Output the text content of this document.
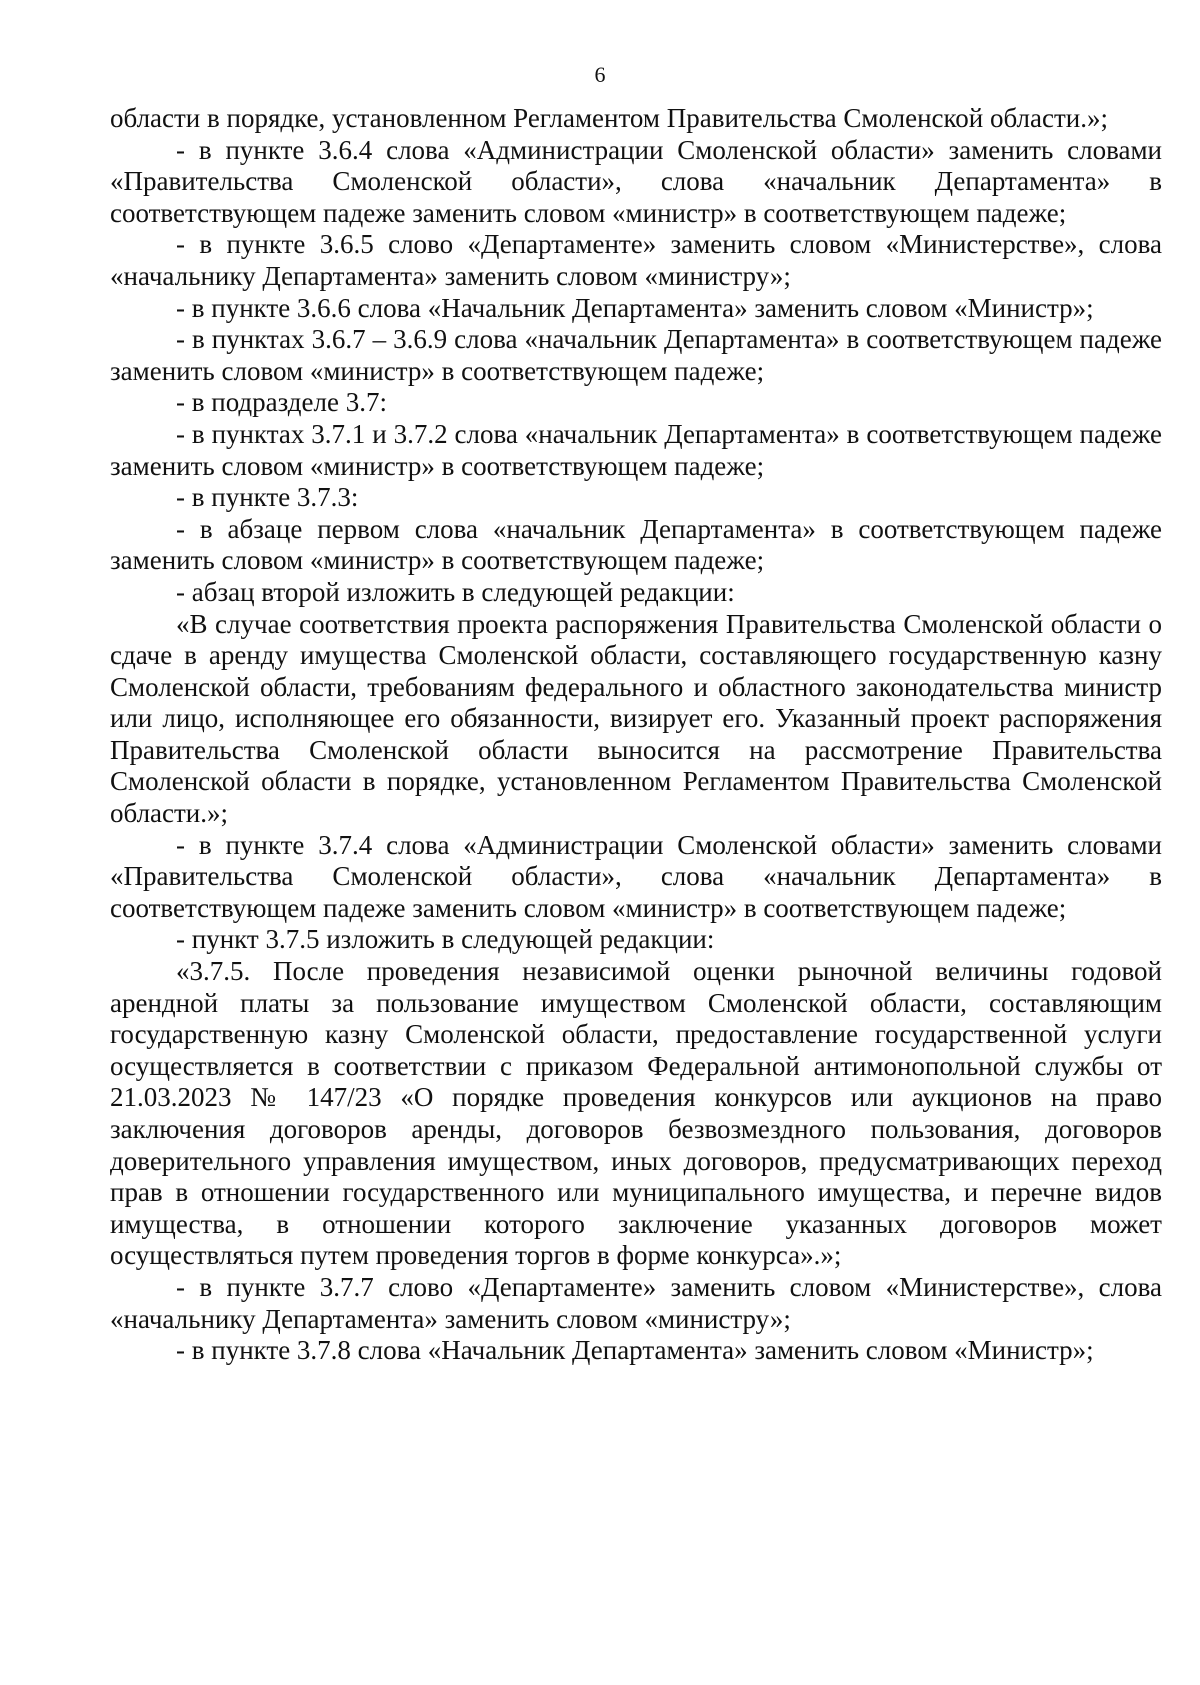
6

области в порядке, установленном Регламентом Правительства Смоленской области.»;

- в пункте 3.6.4 слова «Администрации Смоленской области» заменить словами «Правительства Смоленской области», слова «начальник Департамента» в соответствующем падеже заменить словом «министр» в соответствующем падеже;

- в пункте 3.6.5 слово «Департаменте» заменить словом «Министерстве», слова «начальнику Департамента» заменить словом «министру»;

- в пункте 3.6.6 слова «Начальник Департамента» заменить словом «Министр»;

- в пунктах 3.6.7 – 3.6.9 слова «начальник Департамента» в соответствующем падеже заменить словом «министр» в соответствующем падеже;

- в подразделе 3.7:

- в пунктах 3.7.1 и 3.7.2 слова «начальник Департамента» в соответствующем падеже заменить словом «министр» в соответствующем падеже;

- в пункте 3.7.3:

- в абзаце первом слова «начальник Департамента» в соответствующем падеже заменить словом «министр» в соответствующем падеже;

- абзац второй изложить в следующей редакции:

«В случае соответствия проекта распоряжения Правительства Смоленской области о сдаче в аренду имущества Смоленской области, составляющего государственную казну Смоленской области, требованиям федерального и областного законодательства министр или лицо, исполняющее его обязанности, визирует его. Указанный проект распоряжения Правительства Смоленской области выносится на рассмотрение Правительства Смоленской области в порядке, установленном Регламентом Правительства Смоленской области.»;

- в пункте 3.7.4 слова «Администрации Смоленской области» заменить словами «Правительства Смоленской области», слова «начальник Департамента» в соответствующем падеже заменить словом «министр» в соответствующем падеже;

- пункт 3.7.5 изложить в следующей редакции:

«3.7.5. После проведения независимой оценки рыночной величины годовой арендной платы за пользование имуществом Смоленской области, составляющим государственную казну Смоленской области, предоставление государственной услуги осуществляется в соответствии с приказом Федеральной антимонопольной службы от 21.03.2023 № 147/23 «О порядке проведения конкурсов или аукционов на право заключения договоров аренды, договоров безвозмездного пользования, договоров доверительного управления имуществом, иных договоров, предусматривающих переход прав в отношении государственного или муниципального имущества, и перечне видов имущества, в отношении которого заключение указанных договоров может осуществляться путем проведения торгов в форме конкурса».»;

- в пункте 3.7.7 слово «Департаменте» заменить словом «Министерстве», слова «начальнику Департамента» заменить словом «министру»;

- в пункте 3.7.8 слова «Начальник Департамента» заменить словом «Министр»;
